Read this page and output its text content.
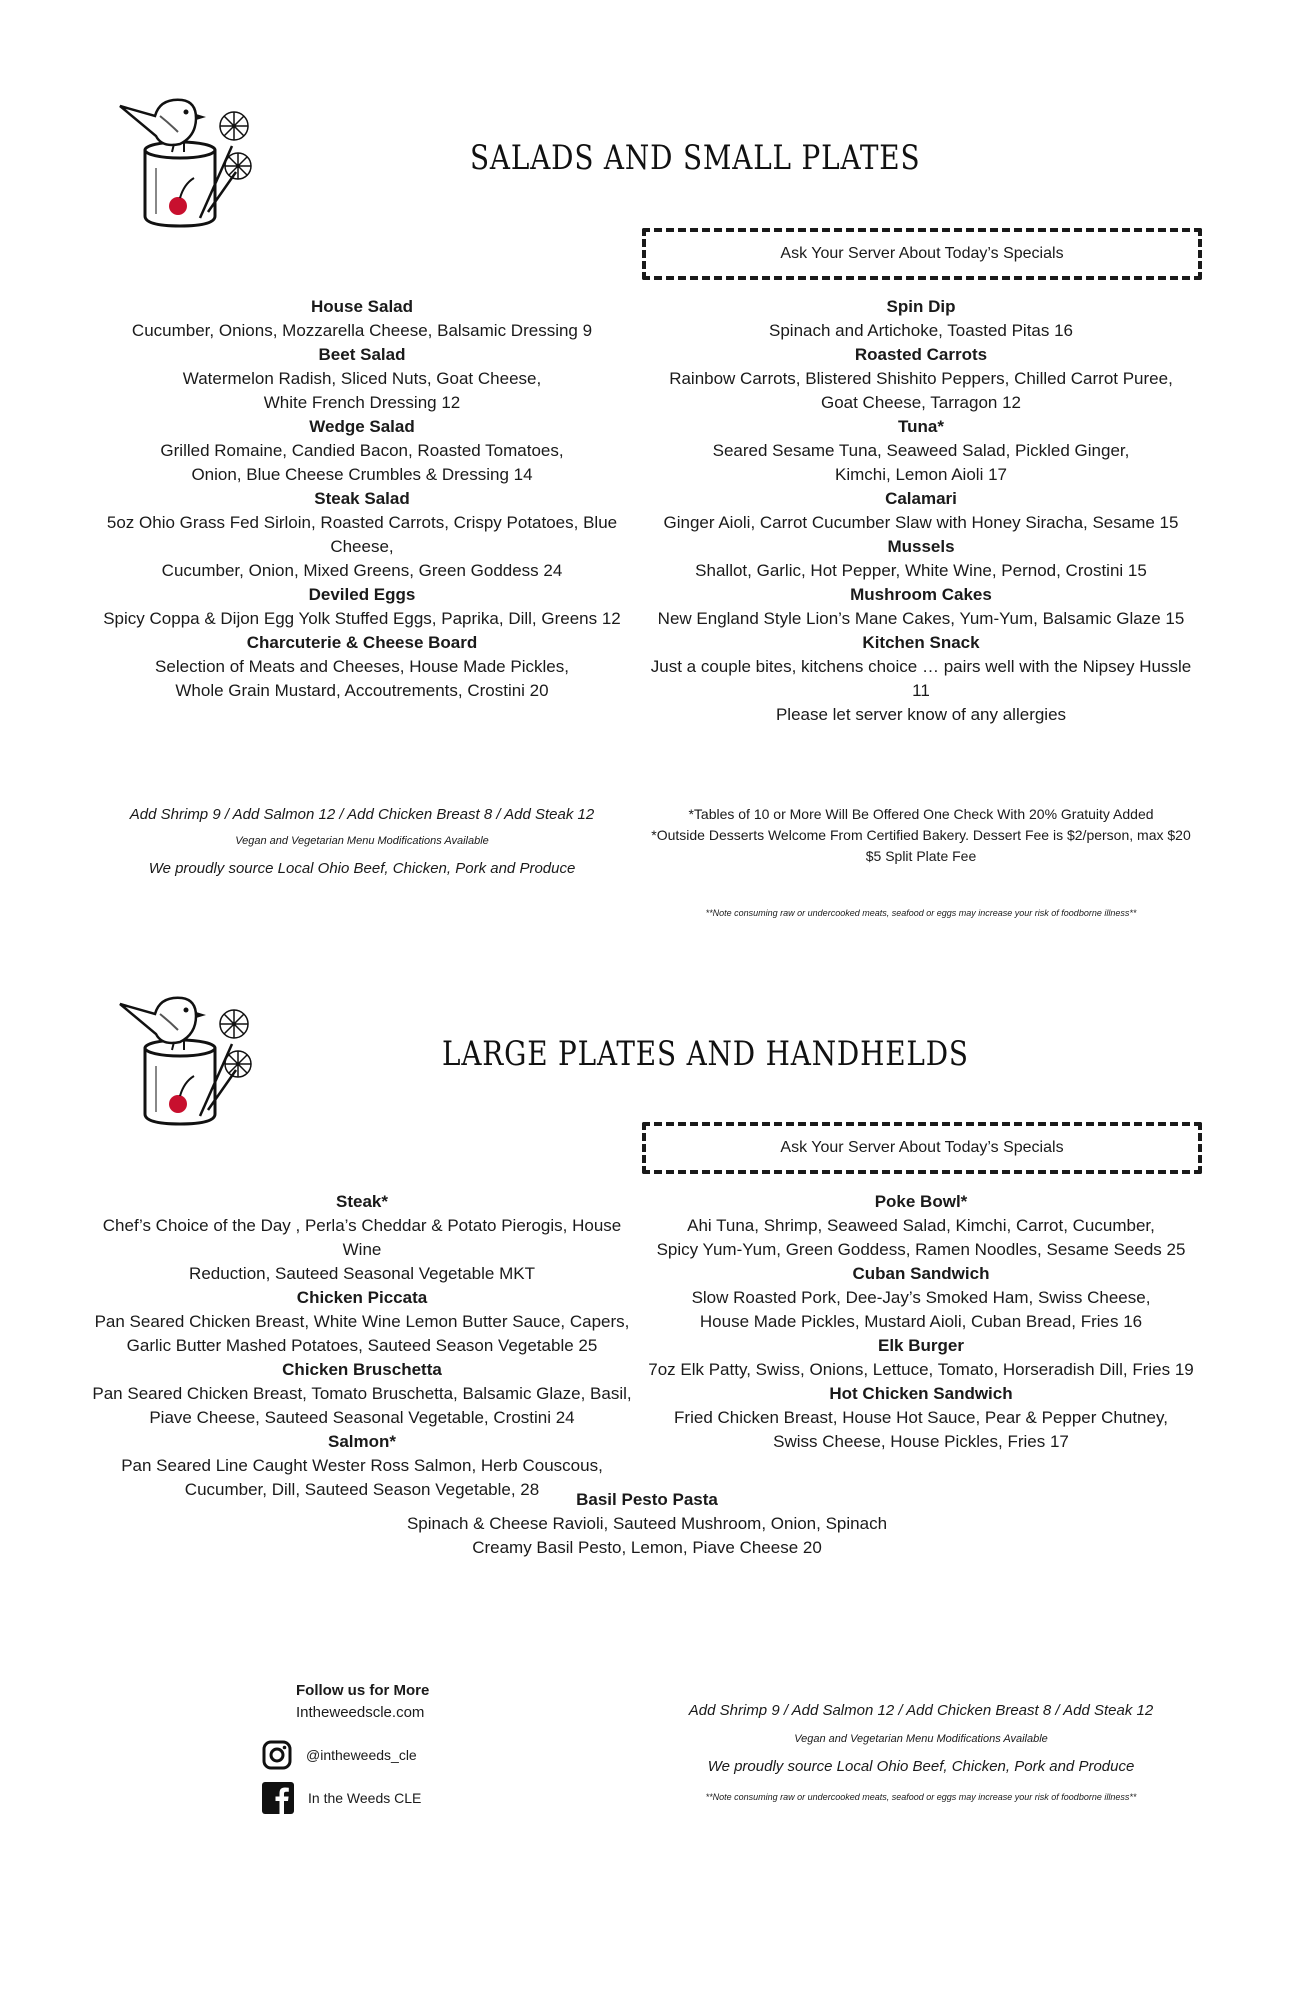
SALADS AND SMALL PLATES
Ask Your Server About Today’s Specials
House Salad
Cucumber, Onions, Mozzarella Cheese, Balsamic Dressing 9
Beet Salad
Watermelon Radish, Sliced Nuts, Goat Cheese,
White French Dressing 12
Wedge Salad
Grilled Romaine, Candied Bacon, Roasted Tomatoes,
Onion, Blue Cheese Crumbles & Dressing 14
Steak Salad
5oz Ohio Grass Fed Sirloin, Roasted Carrots, Crispy Potatoes, Blue Cheese,
Cucumber, Onion, Mixed Greens, Green Goddess 24
Deviled Eggs
Spicy Coppa & Dijon Egg Yolk Stuffed Eggs, Paprika, Dill, Greens 12
Charcuterie & Cheese Board
Selection of Meats and Cheeses, House Made Pickles,
Whole Grain Mustard, Accoutrements, Crostini 20
Spin Dip
Spinach and Artichoke, Toasted Pitas 16
Roasted Carrots
Rainbow Carrots, Blistered Shishito Peppers, Chilled Carrot Puree,
Goat Cheese, Tarragon 12
Tuna*
Seared Sesame Tuna, Seaweed Salad, Pickled Ginger,
Kimchi, Lemon Aioli 17
Calamari
Ginger Aioli, Carrot Cucumber Slaw with Honey Siracha, Sesame 15
Mussels
Shallot, Garlic, Hot Pepper, White Wine, Pernod, Crostini 15
Mushroom Cakes
New England Style Lion’s Mane Cakes, Yum-Yum, Balsamic Glaze 15
Kitchen Snack
Just a couple bites, kitchens choice … pairs well with the Nipsey Hussle 11
Please let server know of any allergies
Add Shrimp 9 / Add Salmon 12 / Add Chicken Breast 8 / Add Steak 12
Vegan and Vegetarian Menu Modifications Available
We proudly source Local Ohio Beef, Chicken, Pork and Produce
*Tables of 10 or More Will Be Offered One Check With 20% Gratuity Added
*Outside Desserts Welcome From Certified Bakery. Dessert Fee is $2/person, max $20
$5 Split Plate Fee
**Note consuming raw or undercooked meats, seafood or eggs may increase your risk of foodborne illness**
LARGE PLATES AND HANDHELDS
Ask Your Server About Today’s Specials
Steak*
Chef’s Choice of the Day , Perla’s Cheddar & Potato Pierogis, House Wine
Reduction, Sauteed Seasonal Vegetable MKT
Chicken Piccata
Pan Seared Chicken Breast, White Wine Lemon Butter Sauce, Capers,
Garlic Butter Mashed Potatoes, Sauteed Season Vegetable 25
Chicken Bruschetta
Pan Seared Chicken Breast, Tomato Bruschetta, Balsamic Glaze, Basil,
Piave Cheese, Sauteed Seasonal Vegetable, Crostini 24
Salmon*
Pan Seared Line Caught Wester Ross Salmon, Herb Couscous,
Cucumber, Dill, Sauteed Season Vegetable, 28
Poke Bowl*
Ahi Tuna, Shrimp, Seaweed Salad, Kimchi, Carrot, Cucumber,
Spicy Yum-Yum, Green Goddess, Ramen Noodles, Sesame Seeds 25
Cuban Sandwich
Slow Roasted Pork, Dee-Jay’s Smoked Ham, Swiss Cheese,
House Made Pickles, Mustard Aioli, Cuban Bread, Fries 16
Elk Burger
7oz Elk Patty, Swiss, Onions, Lettuce, Tomato, Horseradish Dill, Fries 19
Hot Chicken Sandwich
Fried Chicken Breast, House Hot Sauce, Pear & Pepper Chutney,
Swiss Cheese, House Pickles, Fries 17
Basil Pesto Pasta
Spinach & Cheese Ravioli, Sauteed Mushroom, Onion, Spinach
Creamy Basil Pesto, Lemon, Piave Cheese 20
Follow us for More
Intheweedscle.com
@intheweeds_cle
In the Weeds CLE
Add Shrimp 9 / Add Salmon 12 / Add Chicken Breast 8 / Add Steak 12
Vegan and Vegetarian Menu Modifications Available
We proudly source Local Ohio Beef, Chicken, Pork and Produce
**Note consuming raw or undercooked meats, seafood or eggs may increase your risk of foodborne illness**
